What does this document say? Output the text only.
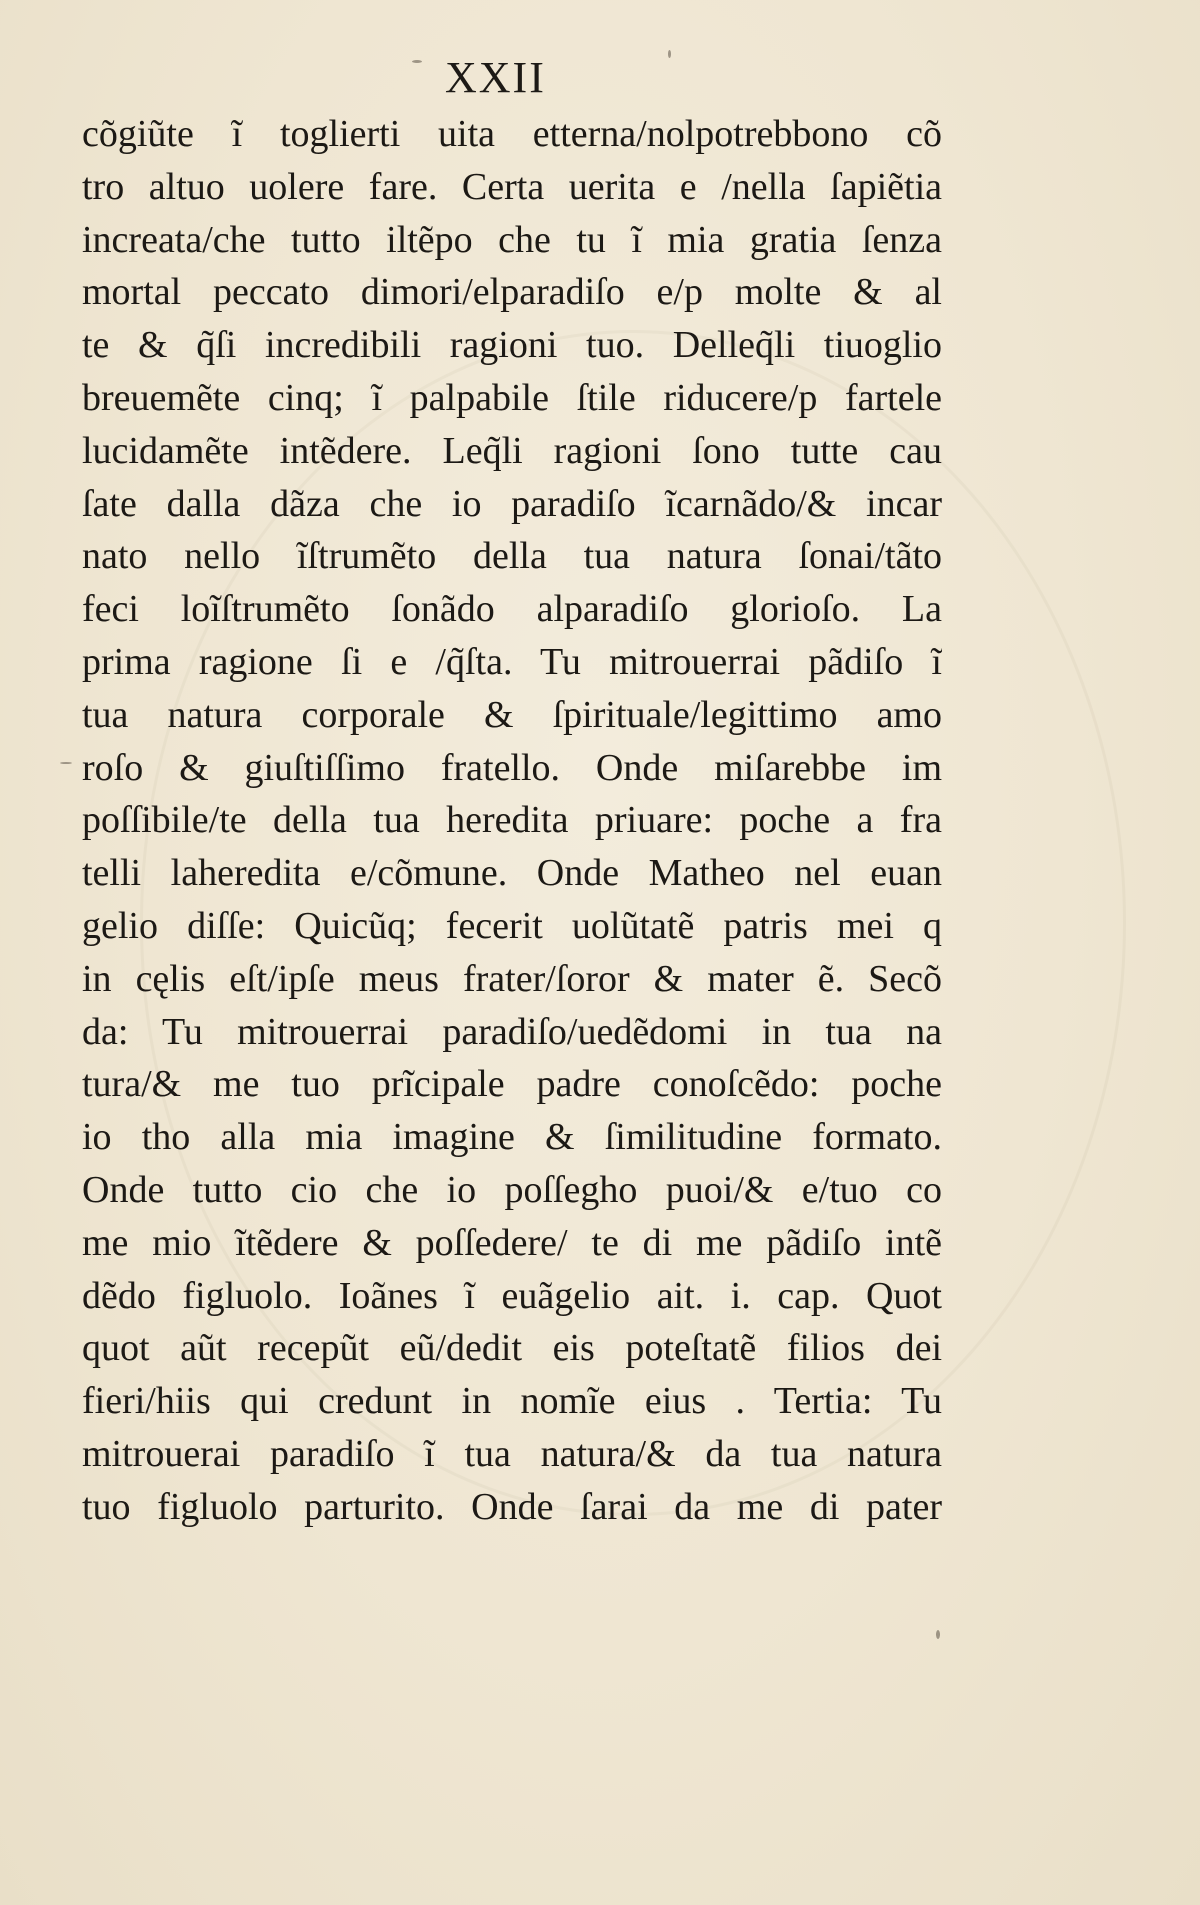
XXII
cõgiũte ĩ toglierti uita etterna/nolpotrebbono cõ
tro altuo uolere fare. Certa uerita e /nella ſapiẽtia
increata/che tutto iltẽpo che tu ĩ mia gratia ſenza
mortal peccato dimori/elparadiſo e/p molte & al
te & q̃ſi incredibili ragioni tuo. Delleq̃li tiuoglio
breuemẽte cinq; ĩ palpabile ſtile riducere/p fartele
lucidamẽte intẽdere. Leq̃li ragioni ſono tutte cau
ſate dalla dãza che io paradiſo ĩcarnãdo/& incar
nato nello ĩſtrumẽto della tua natura ſonai/tãto
feci loĩſtrumẽto ſonãdo alparadiſo glorioſo. La
prima ragione ſi e /q̃ſta. Tu mitrouerrai pãdiſo ĩ
tua natura corporale & ſpirituale/legittimo amo
roſo & giuſtiſſimo fratello. Onde miſarebbe im
poſſibile/te della tua heredita priuare: poche a fra
telli laheredita e/cõmune. Onde Matheo nel euan
gelio diſſe: Quicũq; fecerit uolũtatẽ patris mei q
in cęlis eſt/ipſe meus frater/ſoror & mater ẽ. Secõ
da: Tu mitrouerrai paradiſo/uedẽdomi in tua na
tura/& me tuo prĩcipale padre conoſcẽdo: poche
io tho alla mia imagine & ſimilitudine formato.
Onde tutto cio che io poſſegho puoi/& e/tuo co
me mio ĩtẽdere & poſſedere/ te di me pãdiſo intẽ
dẽdo figluolo. Ioãnes ĩ euãgelio ait. i. cap. Quot
quot aũt recepũt eũ/dedit eis poteſtatẽ filios dei
fieri/hiis qui credunt in nomĩe eius . Tertia: Tu
mitrouerai paradiſo ĩ tua natura/& da tua natura
tuo figluolo parturito. Onde ſarai da me di pater
